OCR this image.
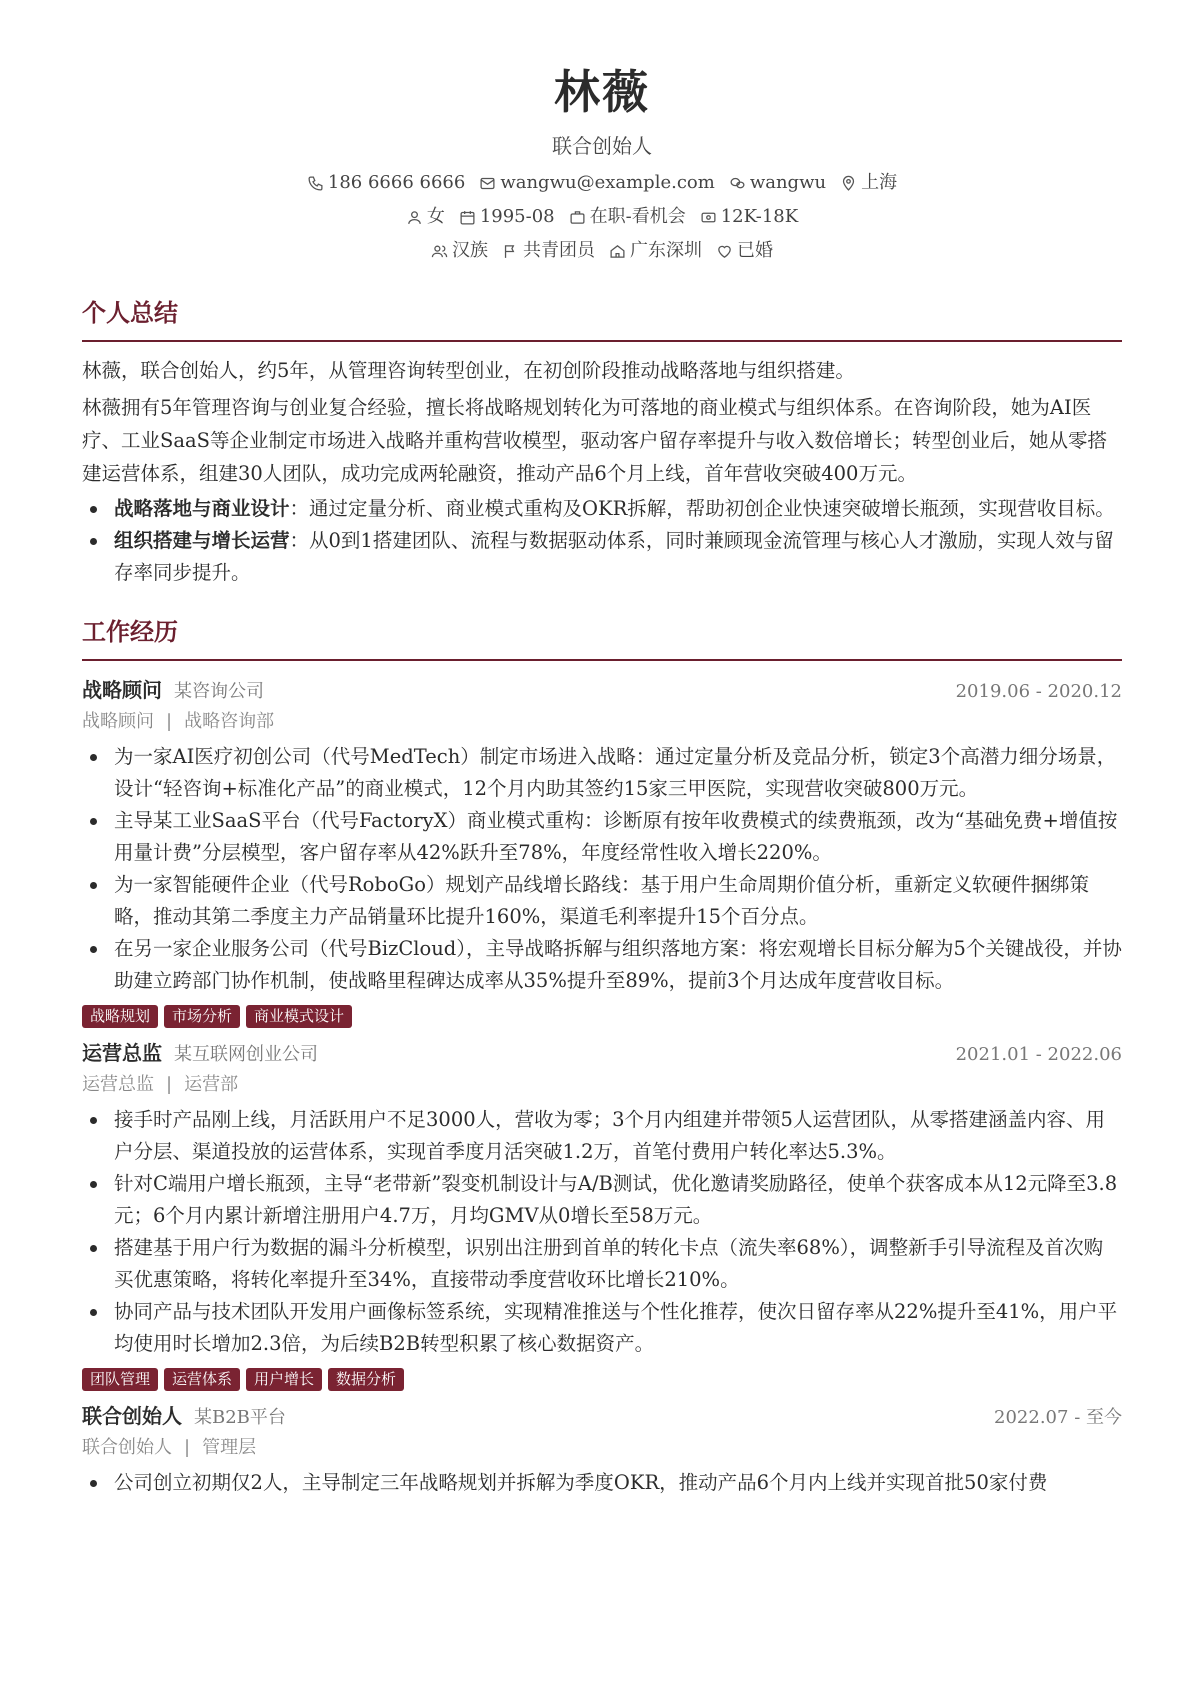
林薇
联合创始人
186 6666 6666 wangwu@example.com wangwu 上海
女 1995-08 在职-看机会 12K-18K
汉族 共青团员 广东深圳 已婚
个人总结

林薇，联合创始人，约5年，从管理咨询转型创业，在初创阶段推动战略落地与组织搭建。

林薇拥有5年管理咨询与创业复合经验，擅长将战略规划转化为可落地的商业模式与组织体系。在咨询阶段，她为AI医疗、工业SaaS等企业制定市场进入战略并重构营收模型，驱动客户留存率提升与收入数倍增长；转型创业后，她从零搭建运营体系，组建30人团队，成功完成两轮融资，推动产品6个月上线，首年营收突破400万元。

战略落地与商业设计：通过定量分析、商业模式重构及OKR拆解，帮助初创企业快速突破增长瓶颈，实现营收目标。
组织搭建与增长运营：从0到1搭建团队、流程与数据驱动体系，同时兼顾现金流管理与核心人才激励，实现人效与留存率同步提升。
工作经历
战略顾问 某咨询公司	2019.06 - 2020.12
战略顾问 | 战略咨询部
为一家AI医疗初创公司（代号MedTech）制定市场进入战略：通过定量分析及竞品分析，锁定3个高潜力细分场景，设计“轻咨询+标准化产品”的商业模式，12个月内助其签约15家三甲医院，实现营收突破800万元。
主导某工业SaaS平台（代号FactoryX）商业模式重构：诊断原有按年收费模式的续费瓶颈，改为“基础免费+增值按用量计费”分层模型，客户留存率从42%跃升至78%，年度经常性收入增长220%。
为一家智能硬件企业（代号RoboGo）规划产品线增长路线：基于用户生命周期价值分析，重新定义软硬件捆绑策略，推动其第二季度主力产品销量环比提升160%，渠道毛利率提升15个百分点。
在另一家企业服务公司（代号BizCloud），主导战略拆解与组织落地方案：将宏观增长目标分解为5个关键战役，并协助建立跨部门协作机制，使战略里程碑达成率从35%提升至89%，提前3个月达成年度营收目标。
战略规划	市场分析	商业模式设计
运营总监 某互联网创业公司	2021.01 - 2022.06
运营总监 | 运营部
接手时产品刚上线，月活跃用户不足3000人，营收为零；3个月内组建并带领5人运营团队，从零搭建涵盖内容、用户分层、渠道投放的运营体系，实现首季度月活突破1.2万，首笔付费用户转化率达5.3%。
针对C端用户增长瓶颈，主导“老带新”裂变机制设计与A/B测试，优化邀请奖励路径，使单个获客成本从12元降至3.8元；6个月内累计新增注册用户4.7万，月均GMV从0增长至58万元。
搭建基于用户行为数据的漏斗分析模型，识别出注册到首单的转化卡点（流失率68%），调整新手引导流程及首次购买优惠策略，将转化率提升至34%，直接带动季度营收环比增长210%。
协同产品与技术团队开发用户画像标签系统，实现精准推送与个性化推荐，使次日留存率从22%提升至41%，用户平均使用时长增加2.3倍，为后续B2B转型积累了核心数据资产。
团队管理	运营体系	用户增长	数据分析
联合创始人 某B2B平台	2022.07 - 至今
联合创始人 | 管理层
公司创立初期仅2人，主导制定三年战略规划并拆解为季度OKR，推动产品6个月内上线并实现首批50家付费
